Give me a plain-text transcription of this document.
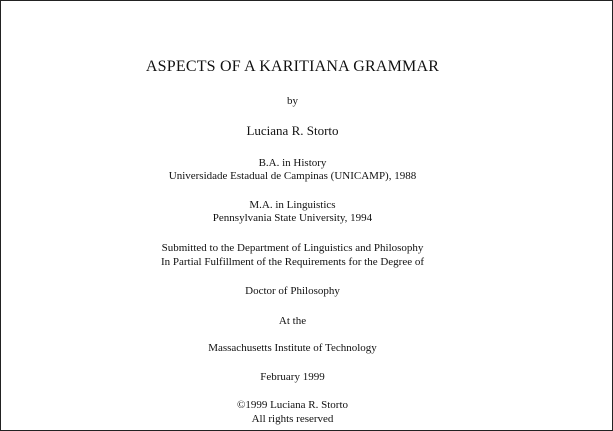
ASPECTS OF A KARITIANA GRAMMAR
by
Luciana R. Storto
B.A. in History
Universidade Estadual de Campinas (UNICAMP), 1988
M.A. in Linguistics
Pennsylvania State University, 1994
Submitted to the Department of Linguistics and Philosophy
In Partial Fulfillment of the Requirements for the Degree of
Doctor of Philosophy
At the
Massachusetts Institute of Technology
February 1999
©1999 Luciana R. Storto
All rights reserved
